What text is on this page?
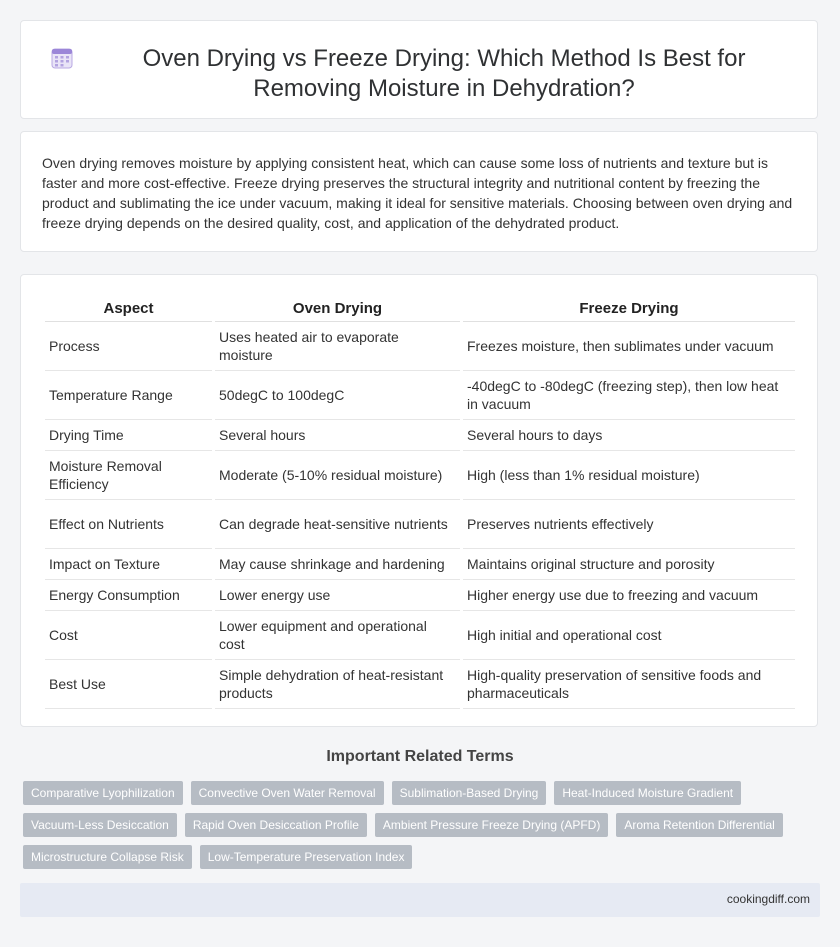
Oven Drying vs Freeze Drying: Which Method Is Best for Removing Moisture in Dehydration?

Oven drying removes moisture by applying consistent heat, which can cause some loss of nutrients and texture but is faster and more cost-effective. Freeze drying preserves the structural integrity and nutritional content by freezing the product and sublimating the ice under vacuum, making it ideal for sensitive materials. Choosing between oven drying and freeze drying depends on the desired quality, cost, and application of the dehydrated product.

Aspect	Oven Drying	Freeze Drying
Process	Uses heated air to evaporate moisture	Freezes moisture, then sublimates under vacuum
Temperature Range	50degC to 100degC	-40degC to -80degC (freezing step), then low heat in vacuum
Drying Time	Several hours	Several hours to days
Moisture Removal Efficiency	Moderate (5-10% residual moisture)	High (less than 1% residual moisture)
Effect on Nutrients	Can degrade heat-sensitive nutrients	Preserves nutrients effectively
Impact on Texture	May cause shrinkage and hardening	Maintains original structure and porosity
Energy Consumption	Lower energy use	Higher energy use due to freezing and vacuum
Cost	Lower equipment and operational cost	High initial and operational cost
Best Use	Simple dehydration of heat-resistant products	High-quality preservation of sensitive foods and pharmaceuticals
Important Related Terms
Comparative Lyophilization	Convective Oven Water Removal	Sublimation-Based Drying	Heat-Induced Moisture Gradient
Vacuum-Less Desiccation	Rapid Oven Desiccation Profile	Ambient Pressure Freeze Drying (APFD)	Aroma Retention Differential
Microstructure Collapse Risk	Low-Temperature Preservation Index
cookingdiff.com
